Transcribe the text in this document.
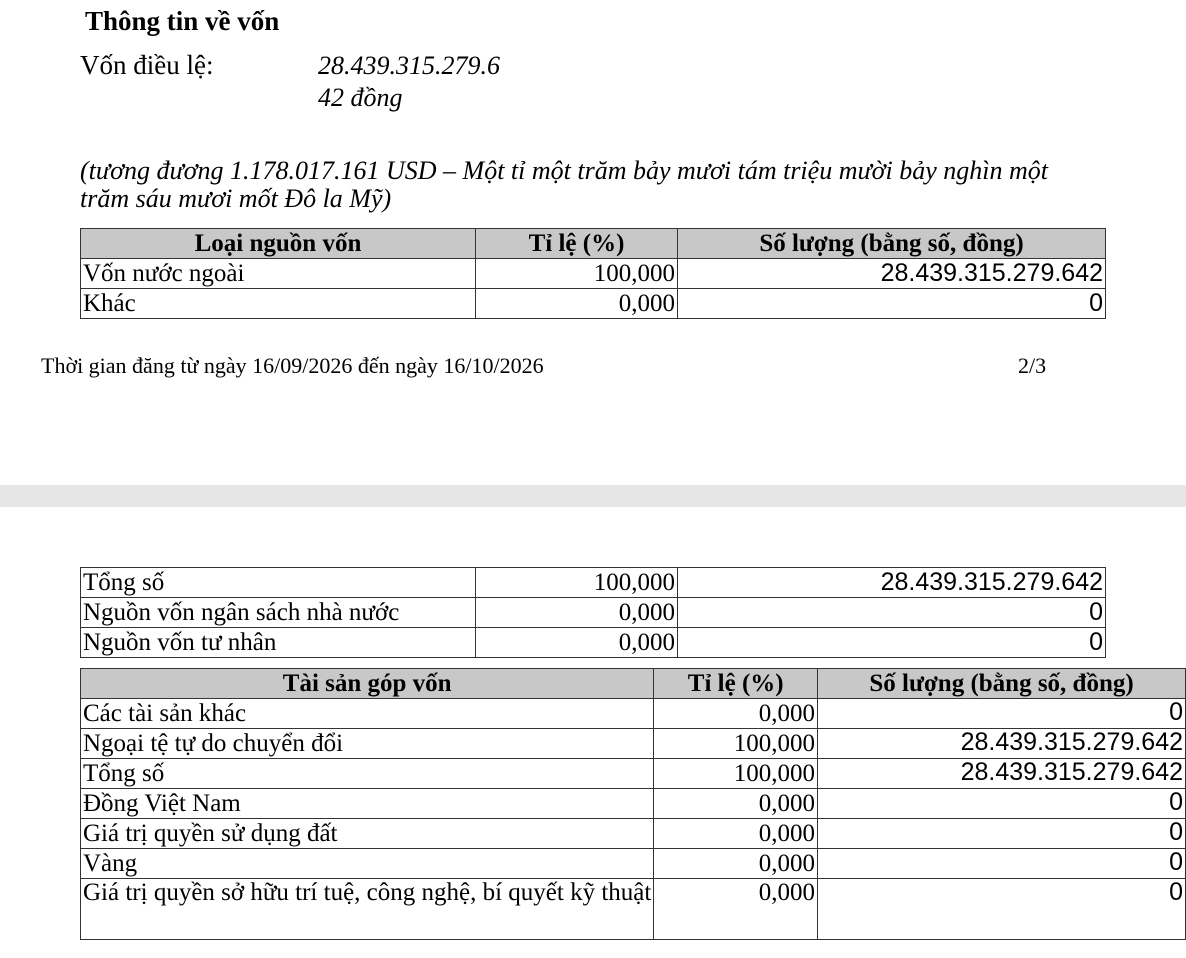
Thông tin về vốn
Vốn điều lệ:	28.439.315.279.6
42 đồng
(tương đương 1.178.017.161 USD – Một tỉ một trăm bảy mươi tám triệu mười bảy nghìn một trăm sáu mươi mốt Đô la Mỹ)
Loại nguồn vốn	Tỉ lệ (%)	Số lượng (bằng số, đồng)
Vốn nước ngoài	100,000	28.439.315.279.642
Khác	0,000	0
Thời gian đăng từ ngày 16/09/2026 đến ngày 16/10/2026	2/3
Tổng số	100,000	28.439.315.279.642
Nguồn vốn ngân sách nhà nước	0,000	0
Nguồn vốn tư nhân	0,000	0
Tài sản góp vốn	Tỉ lệ (%)	Số lượng (bằng số, đồng)
Các tài sản khác	0,000	0
Ngoại tệ tự do chuyển đổi	100,000	28.439.315.279.642
Tổng số	100,000	28.439.315.279.642
Đồng Việt Nam	0,000	0
Giá trị quyền sử dụng đất	0,000	0
Vàng	0,000	0
Giá trị quyền sở hữu trí tuệ, công nghệ, bí quyết kỹ thuật	0,000	0
